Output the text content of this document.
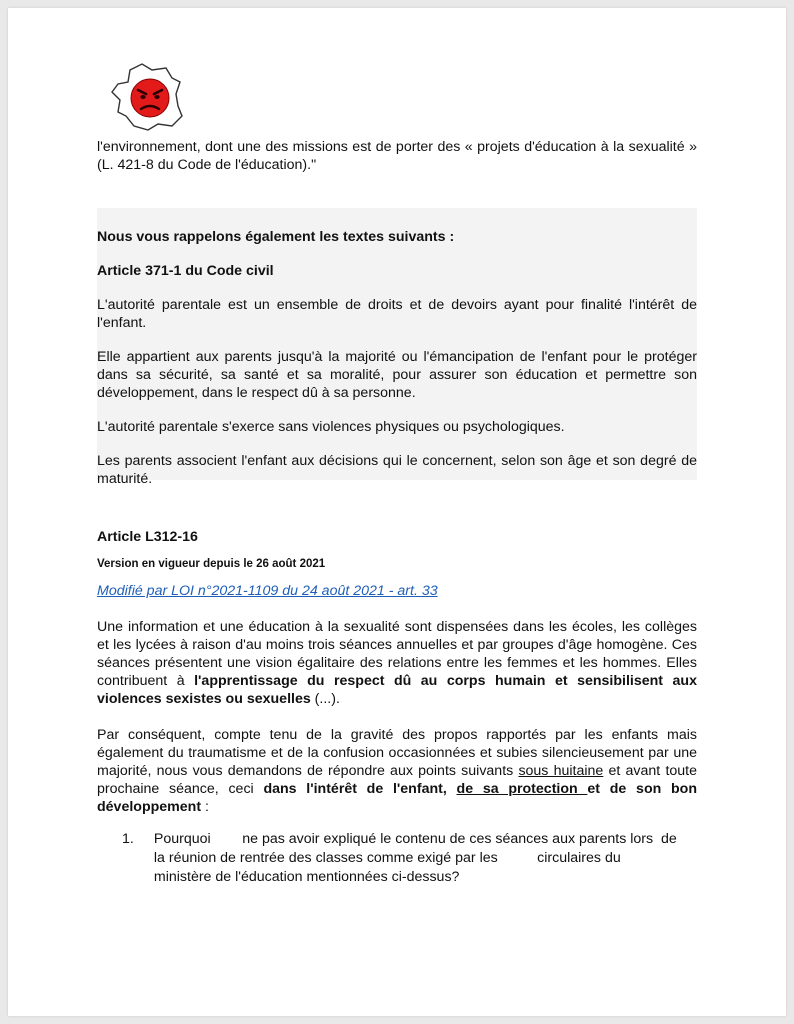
l'environnement, dont une des missions est de porter des « projets d'éducation à la sexualité » (L. 421-8 du Code de l'éducation)."

Nous vous rappelons également les textes suivants :

Article 371-1 du Code civil

L'autorité parentale est un ensemble de droits et de devoirs ayant pour finalité l'intérêt de l'enfant.

Elle appartient aux parents jusqu'à la majorité ou l'émancipation de l'enfant pour le protéger dans sa sécurité, sa santé et sa moralité, pour assurer son éducation et permettre son développement, dans le respect dû à sa personne.

L'autorité parentale s'exerce sans violences physiques ou psychologiques.

Les parents associent l'enfant aux décisions qui le concernent, selon son âge et son degré de maturité.

Article L312-16

Version en vigueur depuis le 26 août 2021

Modifié par LOI n°2021-1109 du 24 août 2021 - art. 33

Une information et une éducation à la sexualité sont dispensées dans les écoles, les collèges et les lycées à raison d'au moins trois séances annuelles et par groupes d'âge homogène. Ces séances présentent une vision égalitaire des relations entre les femmes et les hommes. Elles contribuent à l'apprentissage du respect dû au corps humain et sensibilisent aux violences sexistes ou sexuelles (...).

Par conséquent, compte tenu de la gravité des propos rapportés par les enfants mais également du traumatisme et de la confusion occasionnées et subies silencieusement par une majorité, nous vous demandons de répondre aux points suivants sous huitaine et avant toute prochaine séance, ceci dans l'intérêt de l'enfant, de sa protection et de son bon développement :

1.	Pourquoi        ne pas avoir expliqué le contenu de ces séances aux parents lors  de la réunion de rentrée des classes comme exigé par les          circulaires du ministère de l'éducation mentionnées ci-dessus?
